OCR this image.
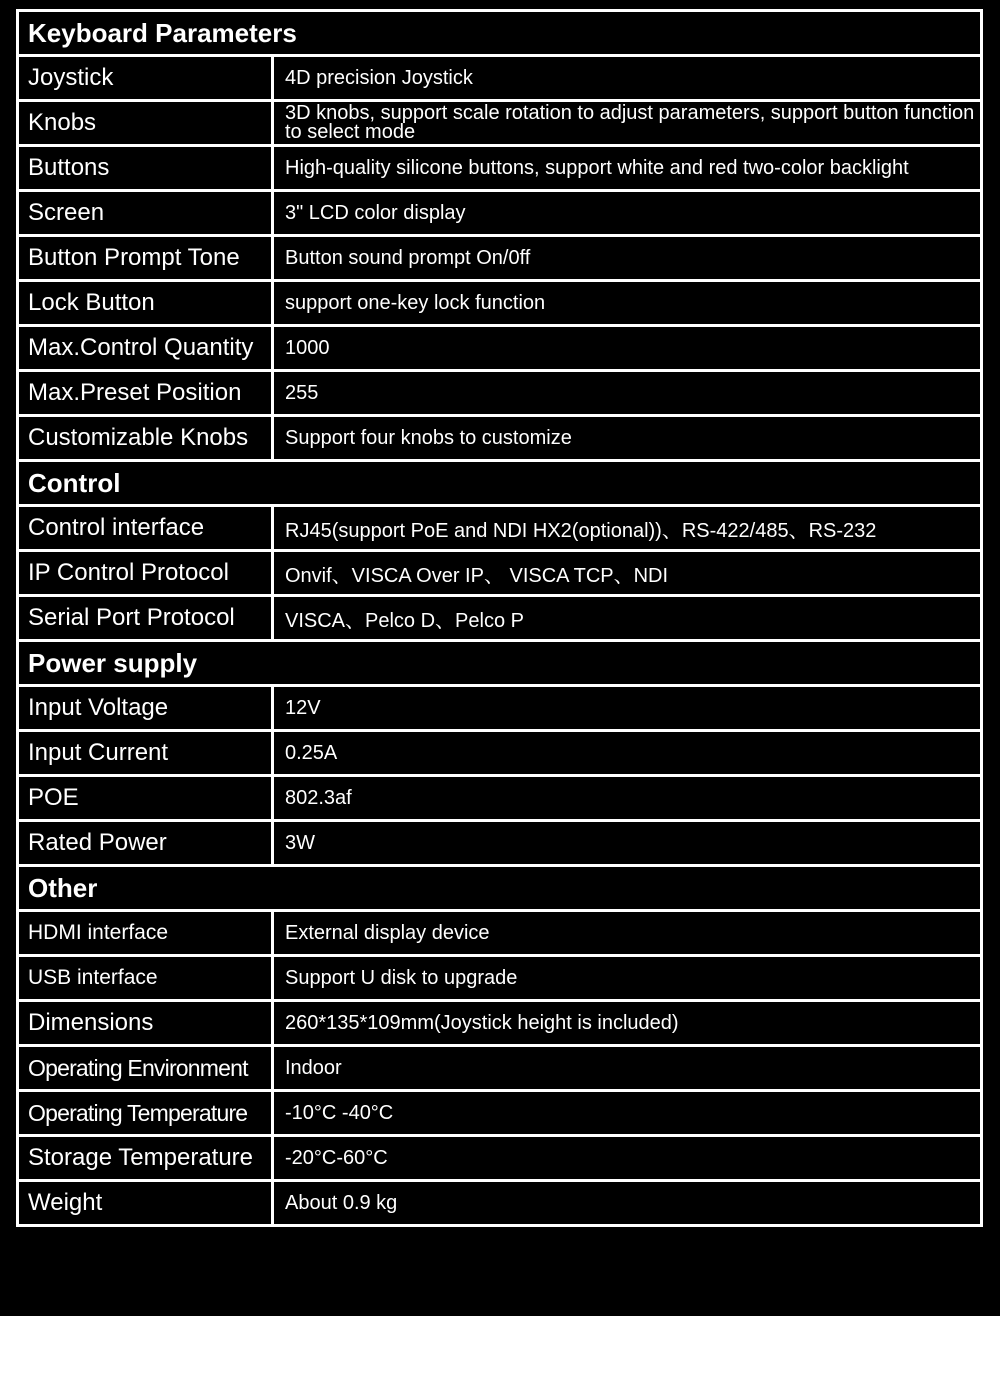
Keyboard Parameters	
Joystick	4D precision Joystick
Knobs	3D knobs, support scale rotation to adjust parameters, support button function to select mode
Buttons	High-quality silicone buttons, support white and red two-color backlight
Screen	3" LCD color display
Button Prompt Tone	Button sound prompt On/0ff
Lock Button	support one-key lock function
Max.Control Quantity	1000
Max.Preset Position	255
Customizable Knobs	Support four knobs to customize
Control	
Control interface	RJ45(support PoE and NDI HX2(optional))、RS-422/485、RS-232
IP Control Protocol	Onvif、VISCA Over IP、 VISCA TCP、NDI
Serial Port Protocol	VISCA、Pelco D、Pelco P
Power supply	
Input Voltage	12V
Input Current	0.25A
POE	802.3af
Rated Power	3W
Other	
HDMI interface	External display device
USB interface	Support U disk to upgrade
Dimensions	260*135*109mm(Joystick height is included)
Operating Environment	Indoor
Operating Temperature	-10°C -40°C
Storage Temperature	-20°C-60°C
Weight	About 0.9 kg
